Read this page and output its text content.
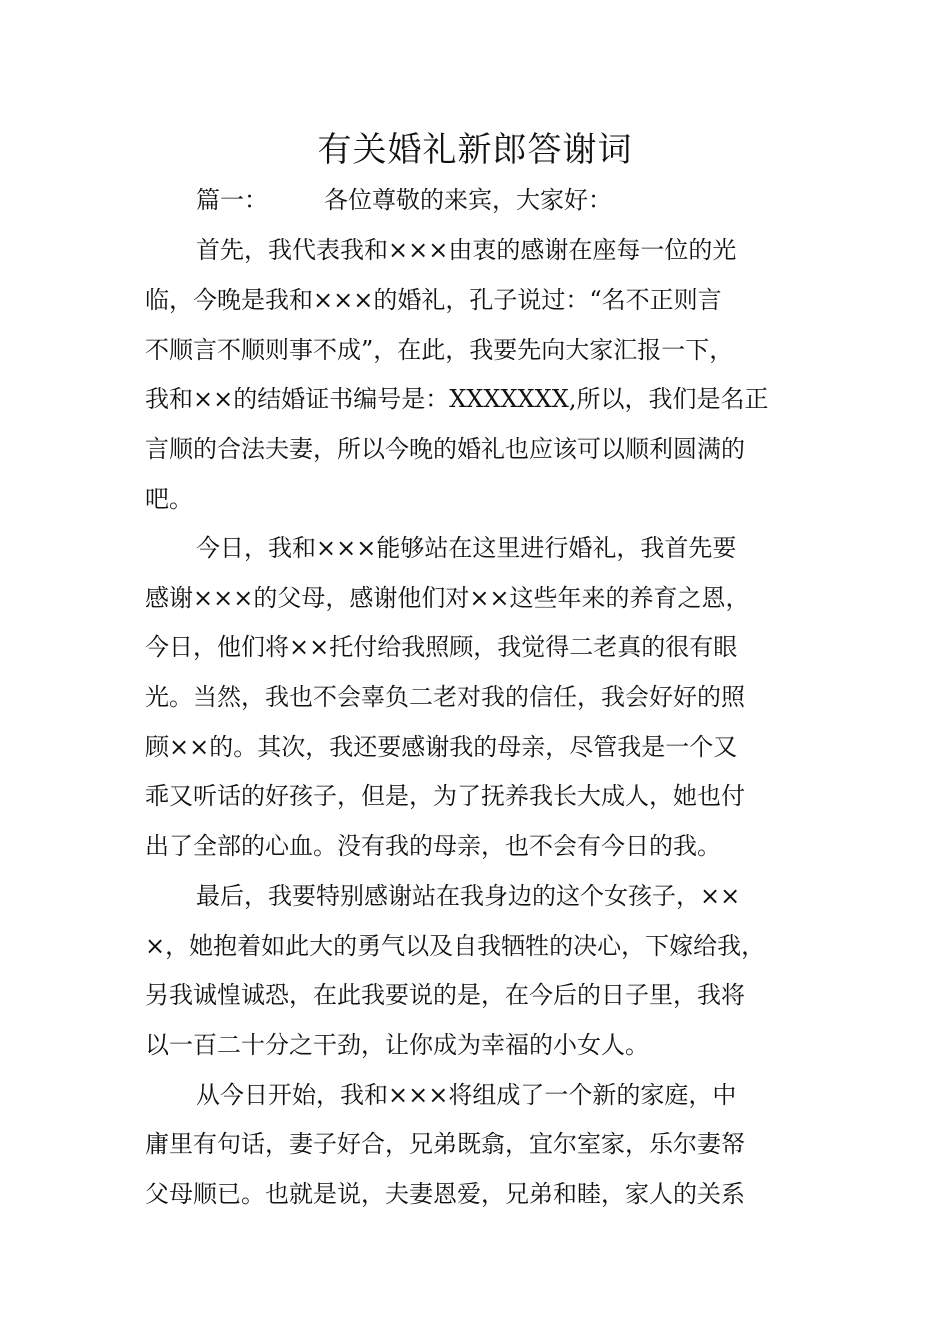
有关婚礼新郎答谢词
篇一： 各位尊敬的来宾，大家好：
首先，我代表我和×××由衷的感谢在座每一位的光
临，今晚是我和×××的婚礼，孔子说过：“名不正则言
不顺言不顺则事不成”，在此，我要先向大家汇报一下，
我和××的结婚证书编号是：XXXXXXX,所以，我们是名正
言顺的合法夫妻，所以今晚的婚礼也应该可以顺利圆满的
吧。
今日，我和×××能够站在这里进行婚礼，我首先要
感谢×××的父母，感谢他们对××这些年来的养育之恩，
今日，他们将××托付给我照顾，我觉得二老真的很有眼
光。当然，我也不会辜负二老对我的信任，我会好好的照
顾××的。其次，我还要感谢我的母亲，尽管我是一个又
乖又听话的好孩子，但是，为了抚养我长大成人，她也付
出了全部的心血。没有我的母亲，也不会有今日的我。
最后，我要特别感谢站在我身边的这个女孩子，××
×，她抱着如此大的勇气以及自我牺牲的决心，下嫁给我，
另我诚惶诚恐，在此我要说的是，在今后的日子里，我将
以一百二十分之干劲，让你成为幸福的小女人。
从今日开始，我和×××将组成了一个新的家庭，中
庸里有句话，妻子好合，兄弟既翕，宜尔室家，乐尔妻帑
父母顺已。也就是说，夫妻恩爱，兄弟和睦，家人的关系
